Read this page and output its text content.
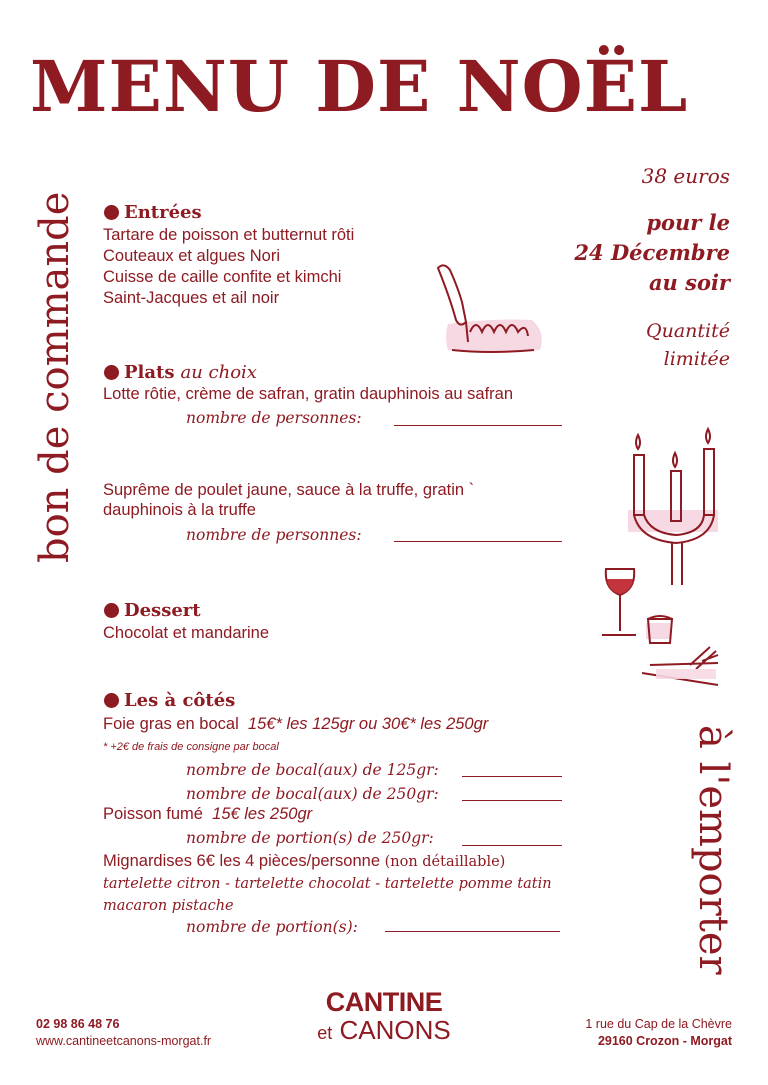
MENU DE NOËL
bon de commande
à l'emporter
38 euros
pour le
24 Décembre
au soir
Quantité
limitée
Entrées
Tartare de poisson et butternut rôti
Couteaux et algues Nori
Cuisse de caille confite et kimchi
Saint-Jacques et ail noir
Plats au choix
Lotte rôtie, crème de safran, gratin dauphinois au safran
nombre de personnes:
Suprême de poulet jaune, sauce à la truffe, gratin `
dauphinois à la truffe
nombre de personnes:
Dessert
Chocolat et mandarine
Les à côtés
Foie gras en bocal 15€* les 125gr ou 30€* les 250gr
* +2€ de frais de consigne par bocal
nombre de bocal(aux) de 125gr:
nombre de bocal(aux) de 250gr:
Poisson fumé 15€ les 250gr
nombre de portion(s) de 250gr:
Mignardises 6€ les 4 pièces/personne (non détaillable)
tartelette citron - tartelette chocolat - tartelette pomme tatin
macaron pistache
nombre de portion(s):
02 98 86 48 76
www.cantineetcanons-morgat.fr
CANTINE
et CANONS	1 rue du Cap de la Chèvre
29160 Crozon - Morgat
